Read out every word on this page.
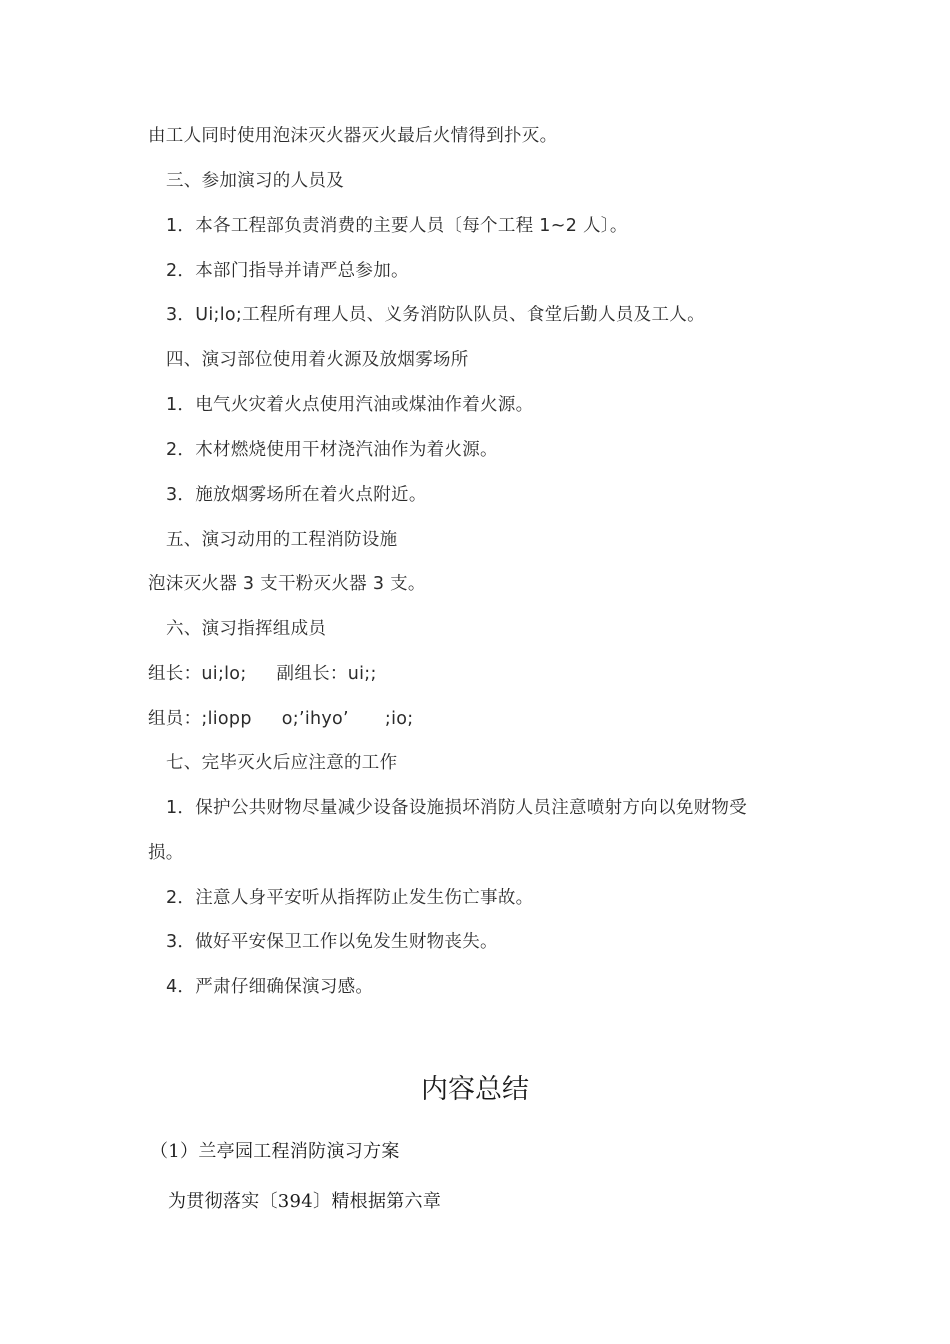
由工人同时使用泡沫灭火器灭火最后火情得到扑灭。
三、参加演习的人员及
1．本各工程部负责消费的主要人员〔每个工程 1~2 人〕。
2．本部门指导并请严总参加。
3．Ui;lo;工程所有理人员、义务消防队队员、食堂后勤人员及工人。
四、演习部位使用着火源及放烟雾场所
1．电气火灾着火点使用汽油或煤油作着火源。
2．木材燃烧使用干材浇汽油作为着火源。
3．施放烟雾场所在着火点附近。
五、演习动用的工程消防设施
泡沫灭火器 3 支干粉灭火器 3 支。
六、演习指挥组成员
组长：ui;lo; 副组长：ui;;
组员：;liopp o;’ihyo’ ;io;
七、完毕灭火后应注意的工作
1．保护公共财物尽量减少设备设施损坏消防人员注意喷射方向以免财物受
损。
2．注意人身平安听从指挥防止发生伤亡事故。
3．做好平安保卫工作以免发生财物丧失。
4．严肃仔细确保演习感。
内容总结
（1）兰亭园工程消防演习方案
为贯彻落实〔394〕精根据第六章
